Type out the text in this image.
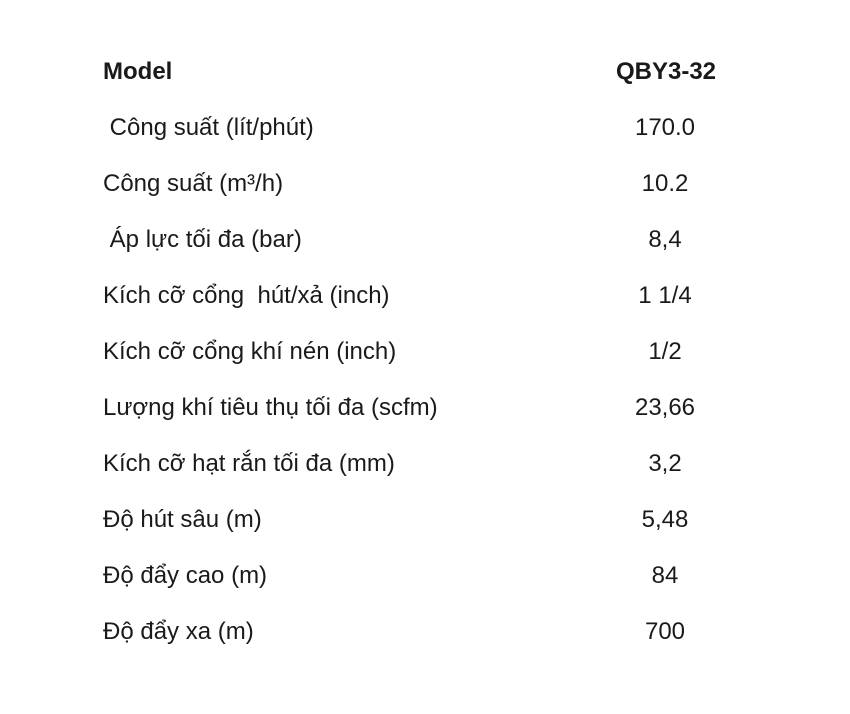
Model	QBY3-32
Công suất (lít/phút)	170.0
Công suất (m³/h)	10.2
Áp lực tối đa (bar)	8,4
Kích cỡ cổng  hút/xả (inch)	1 1/4
Kích cỡ cổng khí nén (inch)	1/2
Lượng khí tiêu thụ tối đa (scfm)	23,66
Kích cỡ hạt rắn tối đa (mm)	3,2
Độ hút sâu (m)	5,48
Độ đẩy cao (m)	84
Độ đẩy xa (m)	700
